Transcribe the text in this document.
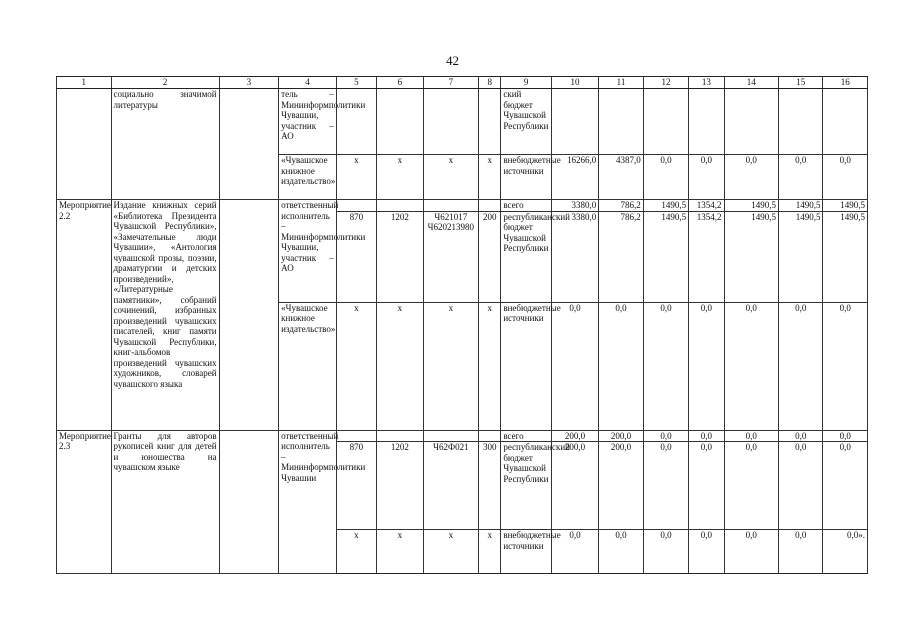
42
1	2	3	4	5	6	7	8	9	10	11	12	13	14	15	16
	социально значимой литературы		тель – Мининформполитики Чувашии, участник – АО					ский бюджет Чувашской Республики							
			«Чувашское книжное издательство»	x	x	x	x	внебюджетные источники	16266,0	4387,0	0,0	0,0	0,0	0,0	0,0
Мероприятие 2.2	Издание книжных серий «Библиотека Президента Чувашской Республики», «Замечательные люди Чувашии», «Антология чувашской прозы, поэзии, драматургии и детских произведений», «Литературные памятники», собраний сочинений, избранных произведений чувашских писателей, книг памяти Чувашской Республики, книг-альбомов произведений чувашских художников, словарей чувашского языка		ответственный исполнитель – Мининформполитики Чувашии, участник – АО					всего	3380,0	786,2	1490,5	1354,2	1490,5	1490,5	1490,5
				870	1202	Ч621017 Ч620213980	200	республиканский бюджет Чувашской Республики	3380,0	786,2	1490,5	1354,2	1490,5	1490,5	1490,5
			«Чувашское книжное издательство»	x	x	x	x	внебюджетные источники	0,0	0,0	0,0	0,0	0,0	0,0	0,0
Мероприятие 2.3	Гранты для авторов рукописей книг для детей и юношества на чувашском языке		ответственный исполнитель – Мининформполитики Чувашии					всего	200,0	200,0	0,0	0,0	0,0	0,0	0,0
				870	1202	Ч62Ф021	300	республиканский бюджет Чувашской Республики	200,0	200,0	0,0	0,0	0,0	0,0	0,0
				x	x	x	x	внебюджетные источники	0,0	0,0	0,0	0,0	0,0	0,0	0,0».
